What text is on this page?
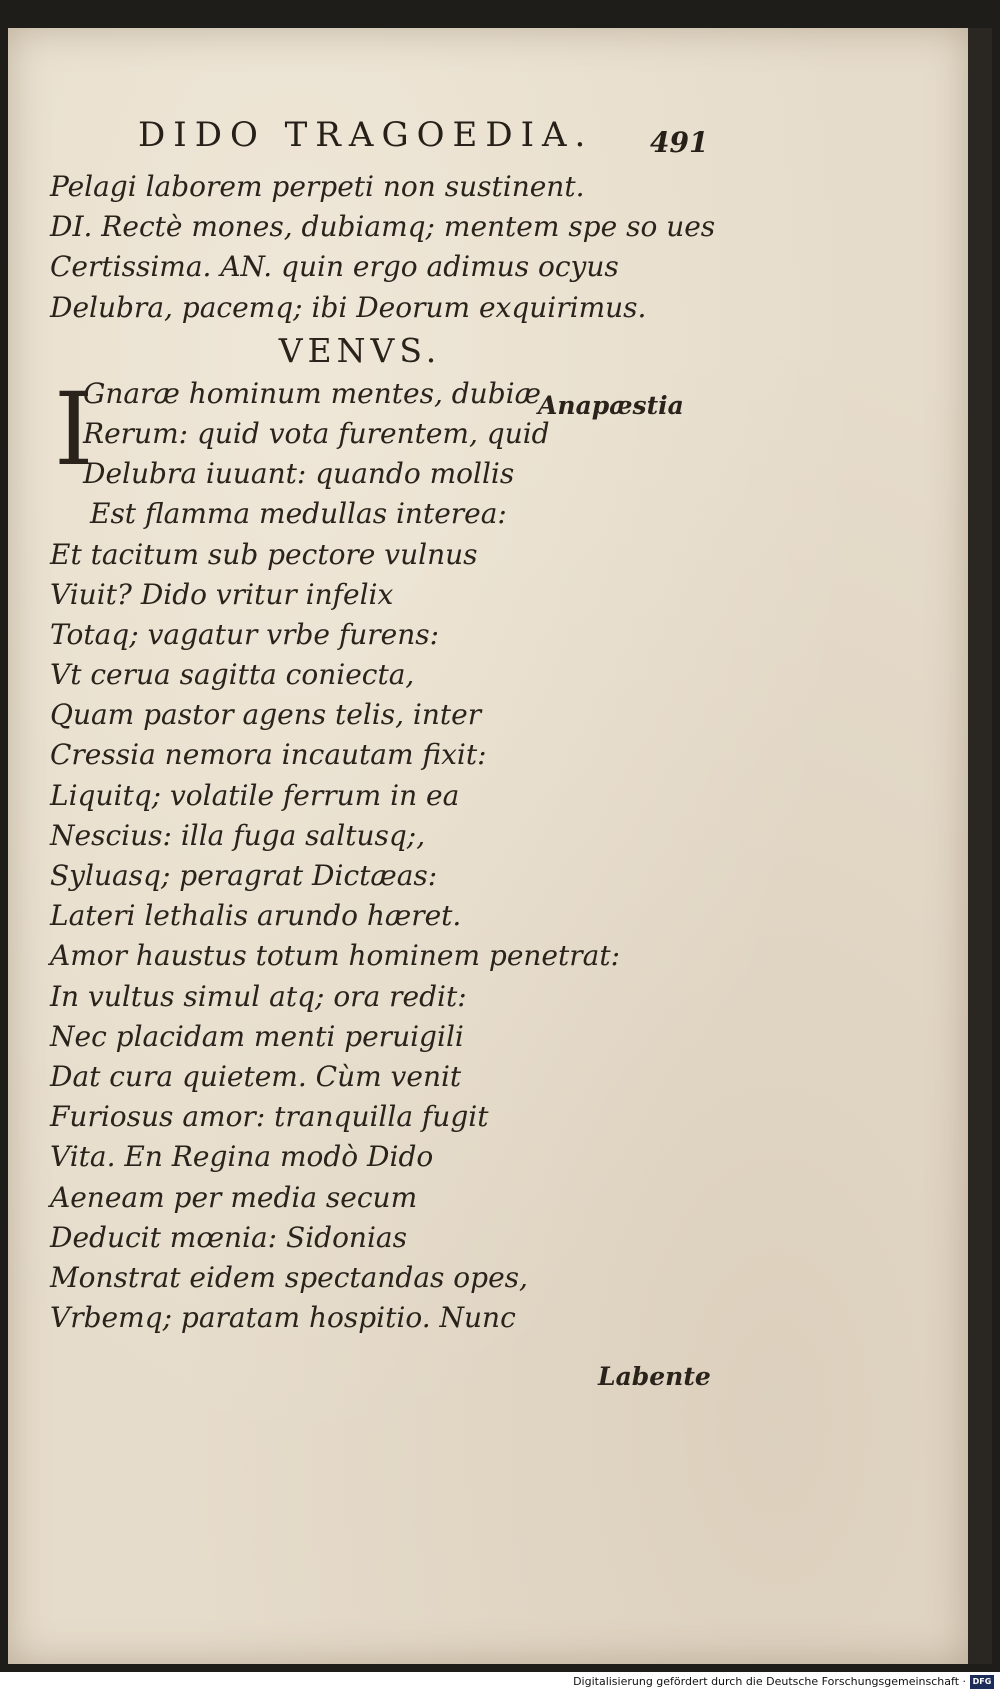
DIDO TRAGOEDIA. 491
Pelagi laborem perpeti non sustinent.
DI. Rectè mones, dubiamq; mentem spe so ues
Certissima. AN. quin ergo adimus ocyus
Delubra, pacemq; ibi Deorum exquirimus.
VENVS.
I
Gnaræ hominum mentes, dubiæ
Rerum: quid vota furentem, quid
Delubra iuuant: quando mollis
Est flamma medullas interea:
Et tacitum sub pectore vulnus
Viuit? Dido vritur infelix
Totaq; vagatur vrbe furens:
Vt cerua sagitta coniecta,
Quam pastor agens telis, inter
Cressia nemora incautam fixit:
Liquitq; volatile ferrum in ea
Nescius: illa fuga saltusq;,
Syluasq; peragrat Dictæas:
Lateri lethalis arundo hæret.
Amor haustus totum hominem penetrat:
In vultus simul atq; ora redit:
Nec placidam menti peruigili
Dat cura quietem. Cùm venit
Furiosus amor: tranquilla fugit
Vita. En Regina modò Dido
Aeneam per media secum
Deducit mœnia: Sidonias
Monstrat eidem spectandas opes,
Vrbemq; paratam hospitio. Nunc
Anapæstia
Labente
Digitalisierung gefördert durch die Deutsche Forschungsgemeinschaft · DFG
